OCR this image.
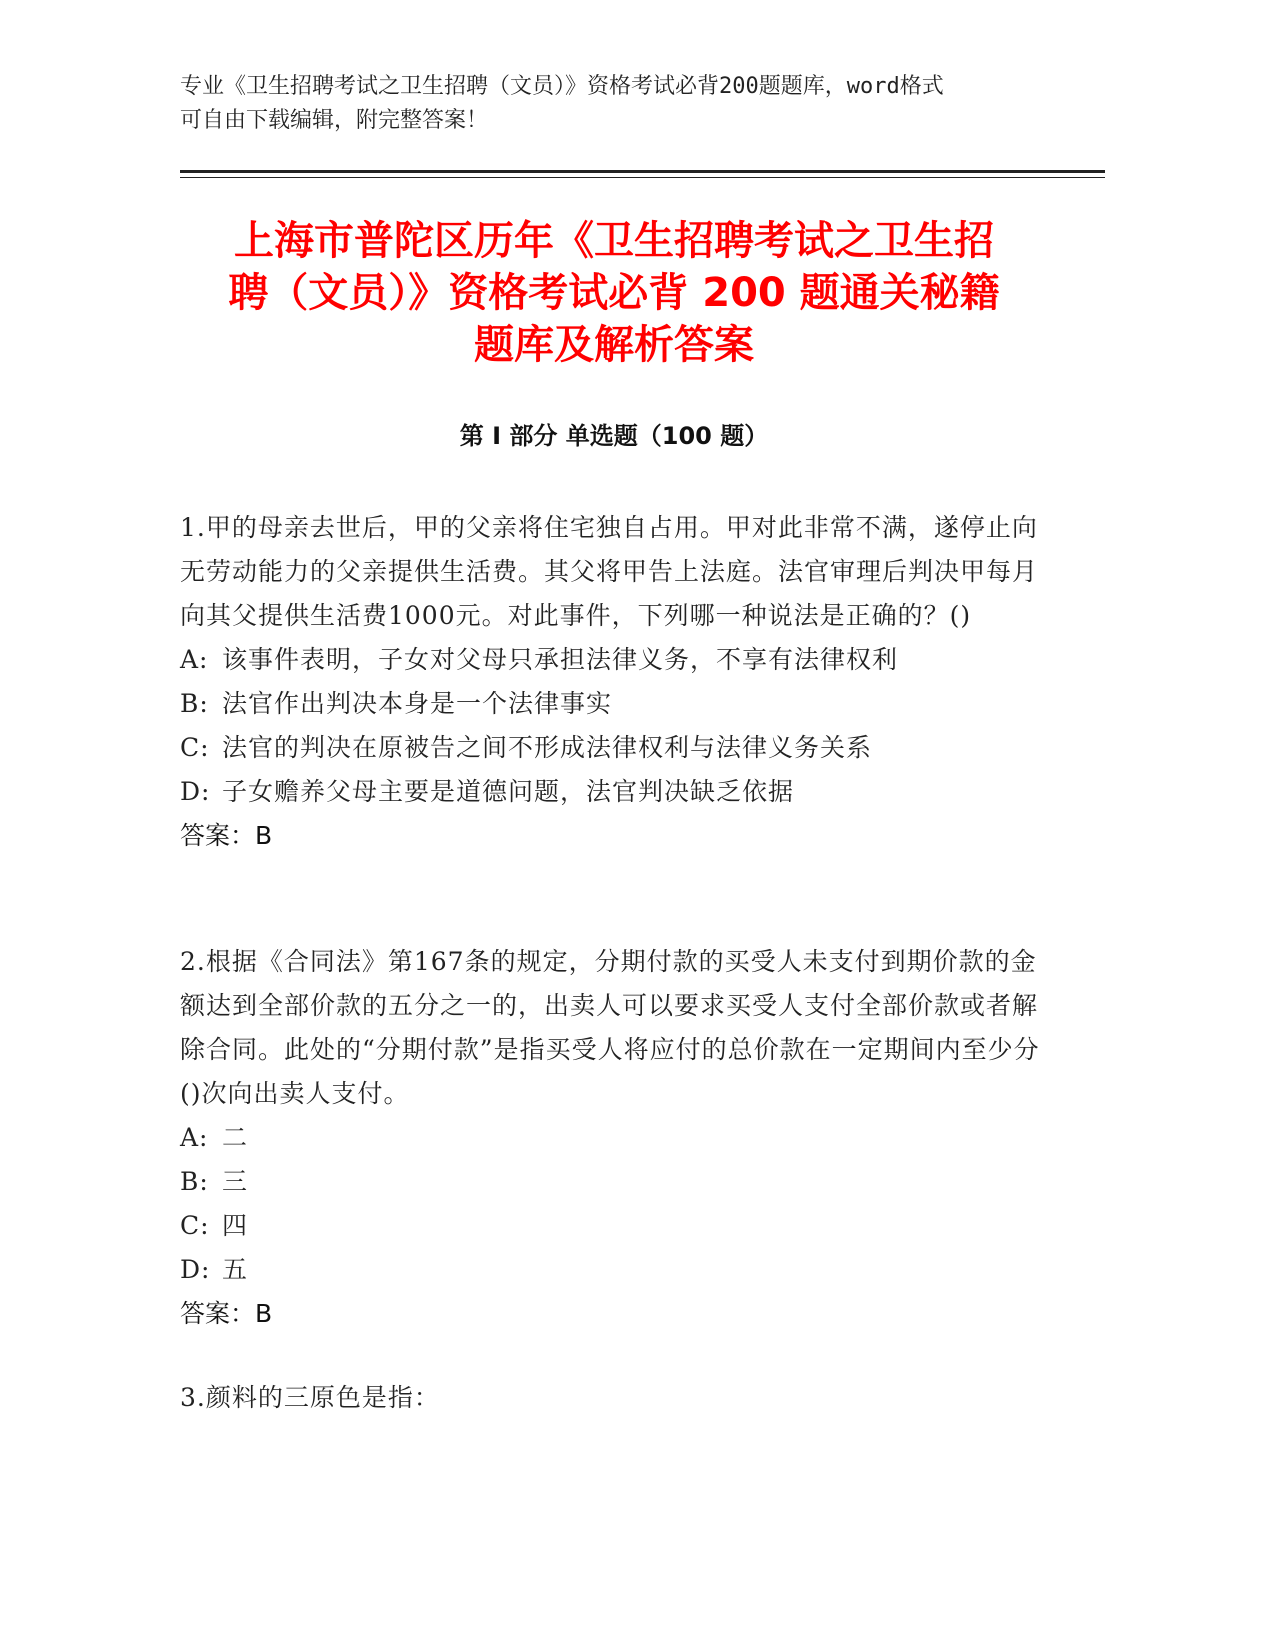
专业《卫生招聘考试之卫生招聘（文员）》资格考试必背200题题库，word格式
可自由下载编辑，附完整答案！
上海市普陀区历年《卫生招聘考试之卫生招
聘（文员）》资格考试必背 200 题通关秘籍
题库及解析答案
第 I 部分 单选题（100 题）
1.甲的母亲去世后，甲的父亲将住宅独自占用。甲对此非常不满，遂停止向无劳动能力的父亲提供生活费。其父将甲告上法庭。法官审理后判决甲每月向其父提供生活费1000元。对此事件，下列哪一种说法是正确的？()
A: 该事件表明，子女对父母只承担法律义务，不享有法律权利
B: 法官作出判决本身是一个法律事实
C: 法官的判决在原被告之间不形成法律权利与法律义务关系
D: 子女赡养父母主要是道德问题，法官判决缺乏依据
答案：B
2.根据《合同法》第167条的规定，分期付款的买受人未支付到期价款的金额达到全部价款的五分之一的，出卖人可以要求买受人支付全部价款或者解除合同。此处的“分期付款”是指买受人将应付的总价款在一定期间内至少分()次向出卖人支付。
A: 二
B: 三
C: 四
D: 五
答案：B
3.颜料的三原色是指：
